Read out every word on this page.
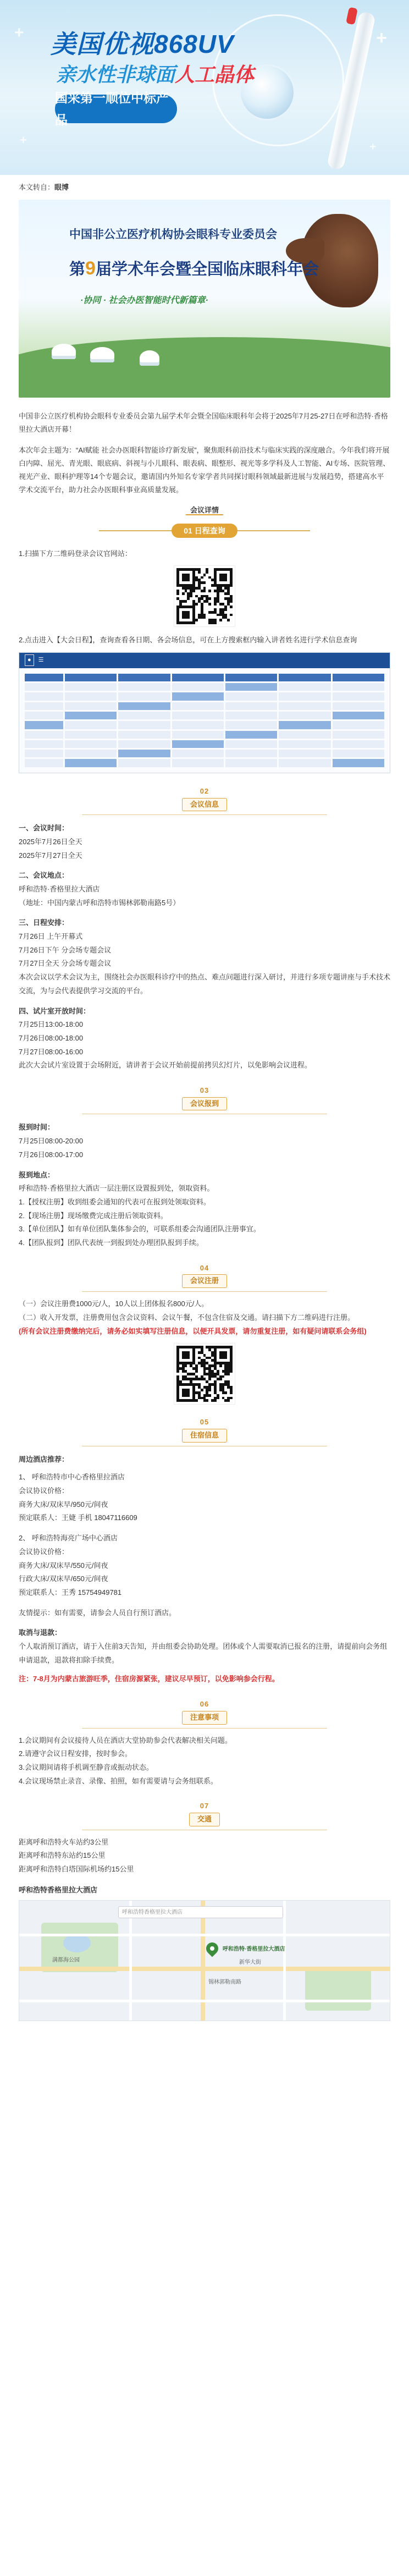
+
+
+
+
美国优视868UV
亲水性非球面人工晶体
国采第一顺位中标产品
本文转自：眼博
中国非公立医疗机构协会眼科专业委员会
第9届学术年会暨全国临床眼科年会
·协同 · 社会办医智能时代新篇章·

中国非公立医疗机构协会眼科专业委员会第九届学术年会暨全国临床眼科年会将于2025年7月25-27日在呼和浩特·香格里拉大酒店开幕！

本次年会主题为：“AI赋能 社会办医眼科智能诊疗新发展”，聚焦眼科前沿技术与临床实践的深度融合。今年我们将开展白内障、屈光、青光眼、眼底病、斜视与小儿眼科、眼表病、眼整形、视光等多学科及人工智能、AI专场、医院管理、视光产业、眼科护理等14个专题会议，邀请国内外知名专家学者共同探讨眼科领域最新进展与发展趋势，搭建高水平学术交流平台，助力社会办医眼科事业高质量发展。

会议详情
01 日程查询
1.扫描下方二维码登录会议官网站：
2.点击进入【大会日程】，查询查看各日期、各会场信息，可在上方搜索框内输入讲者姓名进行学术信息查询
●	☰
02
会议信息
一、会议时间：
2025年7月26日全天
2025年7月27日全天
二、会议地点：
呼和浩特·香格里拉大酒店
（地址：中国内蒙古呼和浩特市锡林郭勒南路5号）
三、日程安排：
7月26日 上午开幕式
7月26日下午 分会场专题会议
7月27日全天 分会场专题会议
本次会议以学术会议为主，围绕社会办医眼科诊疗中的热点、难点问题进行深入研讨，并进行多项专题讲座与手术技术交流，为与会代表提供学习交流的平台。
四、试片室开放时间：
7月25日13:00-18:00
7月26日08:00-18:00
7月27日08:00-16:00
此次大会试片室设置于会场附近，请讲者于会议开始前提前拷贝幻灯片，以免影响会议进程。
03
会议报到
报到时间：
7月25日08:00-20:00
7月26日08:00-17:00
报到地点：
呼和浩特·香格里拉大酒店一层注册区设置报到处，领取资料。
1.【授权注册】收到组委会通知的代表可在报到处领取资料。
2.【现场注册】现场缴费完成注册后领取资料。
3.【单位团队】如有单位团队集体参会的，可联系组委会沟通团队注册事宜。
4.【团队报到】团队代表统一到报到处办理团队报到手续。
04
会议注册
（一）会议注册费1000元/人，10人以上团体报名800元/人。
（二）收入开发票，注册费用包含会议资料、会议午餐，不包含住宿及交通。请扫描下方二维码进行注册。
(所有会议注册费缴纳完后，请务必如实填写注册信息，以便开具发票，请勿重复注册，如有疑问请联系会务组)
05
住宿信息
周边酒店推荐：
1、 呼和浩特市中心香格里拉酒店
会议协议价格：
商务大床/双床早/950元/间夜
预定联系人：王婕 手机 18047116609
2、 呼和浩特海亮广场中心酒店
会议协议价格：
商务大床/双床早/550元/间夜
行政大床/双床早/650元/间夜
预定联系人：王秀 15754949781
友情提示：如有需要，请参会人员自行预订酒店。
取消与退款：
个人取消预订酒店，请于入住前3天告知，并由组委会协助处理。团体或个人需要取消已报名的注册，请提前向会务组申请退款，退款将扣除手续费。
注：7-8月为内蒙古旅游旺季，住宿房源紧张，建议尽早预订，以免影响参会行程。
06
注意事项
1.会议期间有会议接待人员在酒店大堂协助参会代表解决相关问题。
2.请遵守会议日程安排，按时参会。
3.会议期间请将手机调至静音或振动状态。
4.会议现场禁止录音、录像、拍照，如有需要请与会务组联系。
07
交通
距离呼和浩特火车站约3公里
距离呼和浩特东站约15公里
距离呼和浩特白塔国际机场约15公里
呼和浩特香格里拉大酒店
呼和浩特香格里拉大酒店
锡林郭勒南路
新华大街
满都海公园
呼和浩特·香格里拉大酒店
